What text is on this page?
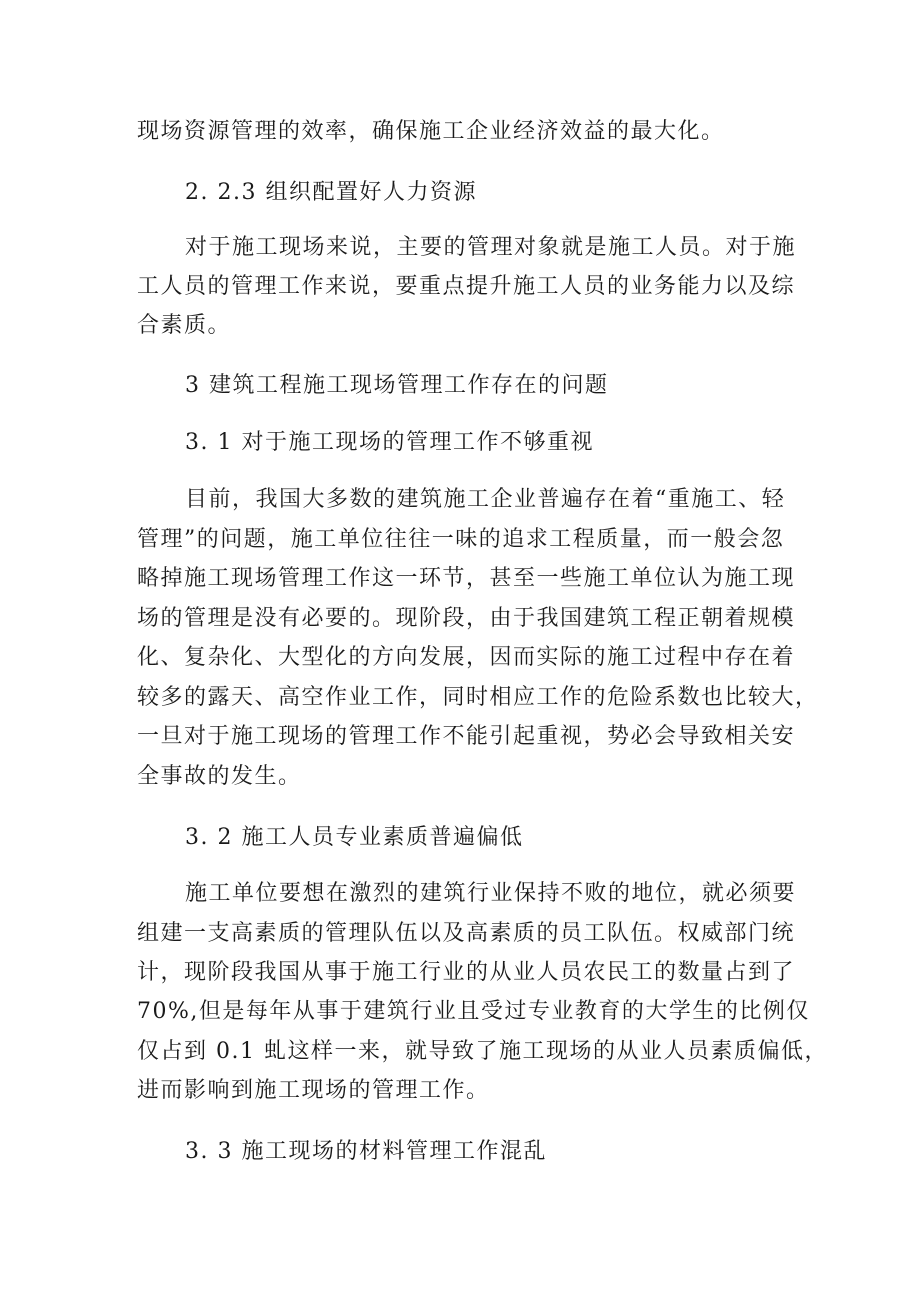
现场资源管理的效率，确保施工企业经济效益的最大化。
2. 2.3 组织配置好人力资源
对于施工现场来说，主要的管理对象就是施工人员。对于施
工人员的管理工作来说，要重点提升施工人员的业务能力以及综
合素质。
3 建筑工程施工现场管理工作存在的问题
3. 1 对于施工现场的管理工作不够重视
目前，我国大多数的建筑施工企业普遍存在着“重施工、轻
管理”的问题，施工单位往往一味的追求工程质量，而一般会忽
略掉施工现场管理工作这一环节，甚至一些施工单位认为施工现
场的管理是没有必要的。现阶段，由于我国建筑工程正朝着规模
化、复杂化、大型化的方向发展，因而实际的施工过程中存在着
较多的露天、高空作业工作，同时相应工作的危险系数也比较大，
一旦对于施工现场的管理工作不能引起重视，势必会导致相关安
全事故的发生。
3. 2 施工人员专业素质普遍偏低
施工单位要想在激烈的建筑行业保持不败的地位，就必须要
组建一支高素质的管理队伍以及高素质的员工队伍。权威部门统
计，现阶段我国从事于施工行业的从业人员农民工的数量占到了
70%,但是每年从事于建筑行业且受过专业教育的大学生的比例仅
仅占到 0.1 虬这样一来，就导致了施工现场的从业人员素质偏低，
进而影响到施工现场的管理工作。
3. 3 施工现场的材料管理工作混乱
